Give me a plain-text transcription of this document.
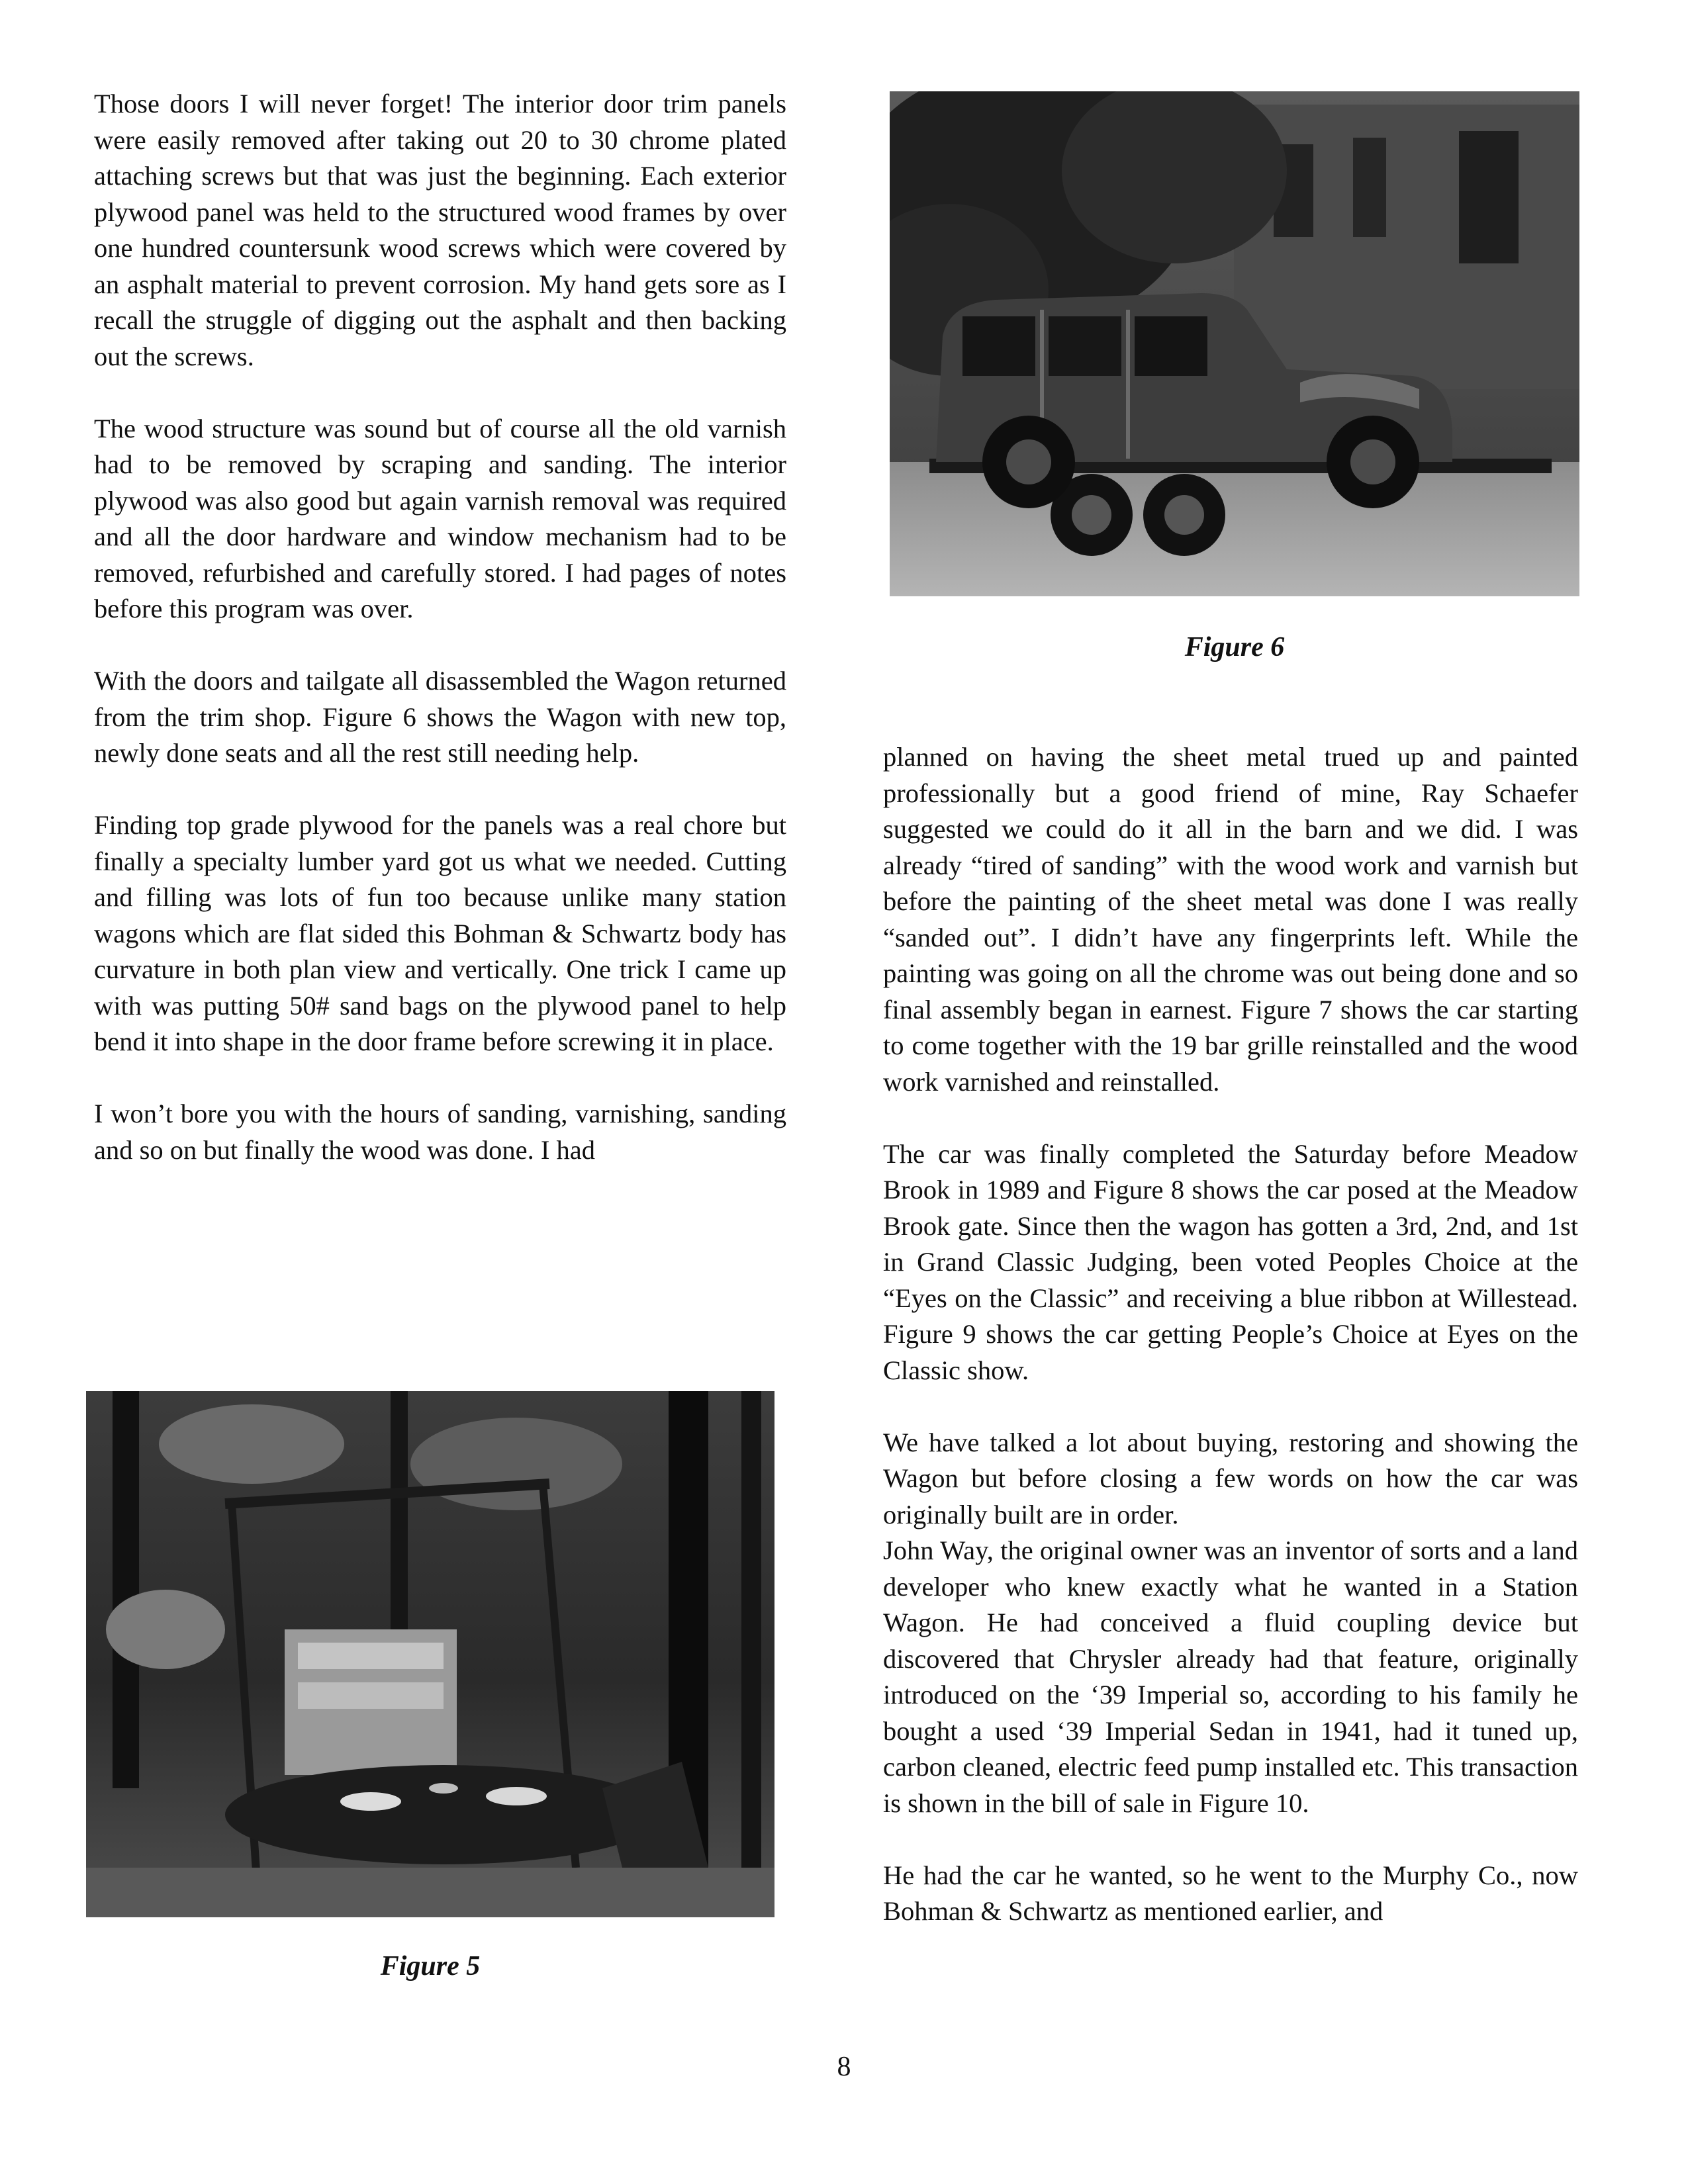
Those doors I will never forget! The interior door trim panels were easily removed after taking out 20 to 30 chrome plated attaching screws but that was just the beginning. Each exterior plywood panel was held to the structured wood frames by over one hundred countersunk wood screws which were covered by an asphalt material to prevent corrosion. My hand gets sore as I recall the struggle of digging out the asphalt and then backing out the screws.

The wood structure was sound but of course all the old varnish had to be removed by scraping and sanding. The interior plywood was also good but again varnish removal was required and all the door hardware and window mechanism had to be removed, refurbished and carefully stored. I had pages of notes before this program was over.

With the doors and tailgate all disassembled the Wagon returned from the trim shop. Figure 6 shows the Wagon with new top, newly done seats and all the rest still needing help.

Finding top grade plywood for the panels was a real chore but finally a specialty lumber yard got us what we needed. Cutting and filling was lots of fun too because unlike many station wagons which are flat sided this Bohman & Schwartz body has curvature in both plan view and vertically. One trick I came up with was putting 50# sand bags on the plywood panel to help bend it into shape in the door frame before screwing it in place.

I won’t bore you with the hours of sanding, varnishing, sanding and so on but finally the wood was done. I had

Figure 6

planned on having the sheet metal trued up and painted professionally but a good friend of mine, Ray Schaefer suggested we could do it all in the barn and we did. I was already “tired of sanding” with the wood work and varnish but before the painting of the sheet metal was done I was really “sanded out”. I didn’t have any fingerprints left. While the painting was going on all the chrome was out being done and so final assembly began in earnest. Figure 7 shows the car starting to come together with the 19 bar grille reinstalled and the wood work varnished and reinstalled.

The car was finally completed the Saturday before Meadow Brook in 1989 and Figure 8 shows the car posed at the Meadow Brook gate. Since then the wagon has gotten a 3rd, 2nd, and 1st in Grand Classic Judging, been voted Peoples Choice at the “Eyes on the Classic” and receiving a blue ribbon at Willestead. Figure 9 shows the car getting People’s Choice at Eyes on the Classic show.

We have talked a lot about buying, restoring and showing the Wagon but before closing a few words on how the car was originally built are in order.

John Way, the original owner was an inventor of sorts and a land developer who knew exactly what he wanted in a Station Wagon. He had conceived a fluid coupling device but discovered that Chrysler already had that feature, originally introduced on the ‘39 Imperial so, according to his family he bought a used ‘39 Imperial Sedan in 1941, had it tuned up, carbon cleaned, electric feed pump installed etc. This transaction is shown in the bill of sale in Figure 10.

He had the car he wanted, so he went to the Murphy Co., now Bohman & Schwartz as mentioned earlier, and

Figure 5
8
